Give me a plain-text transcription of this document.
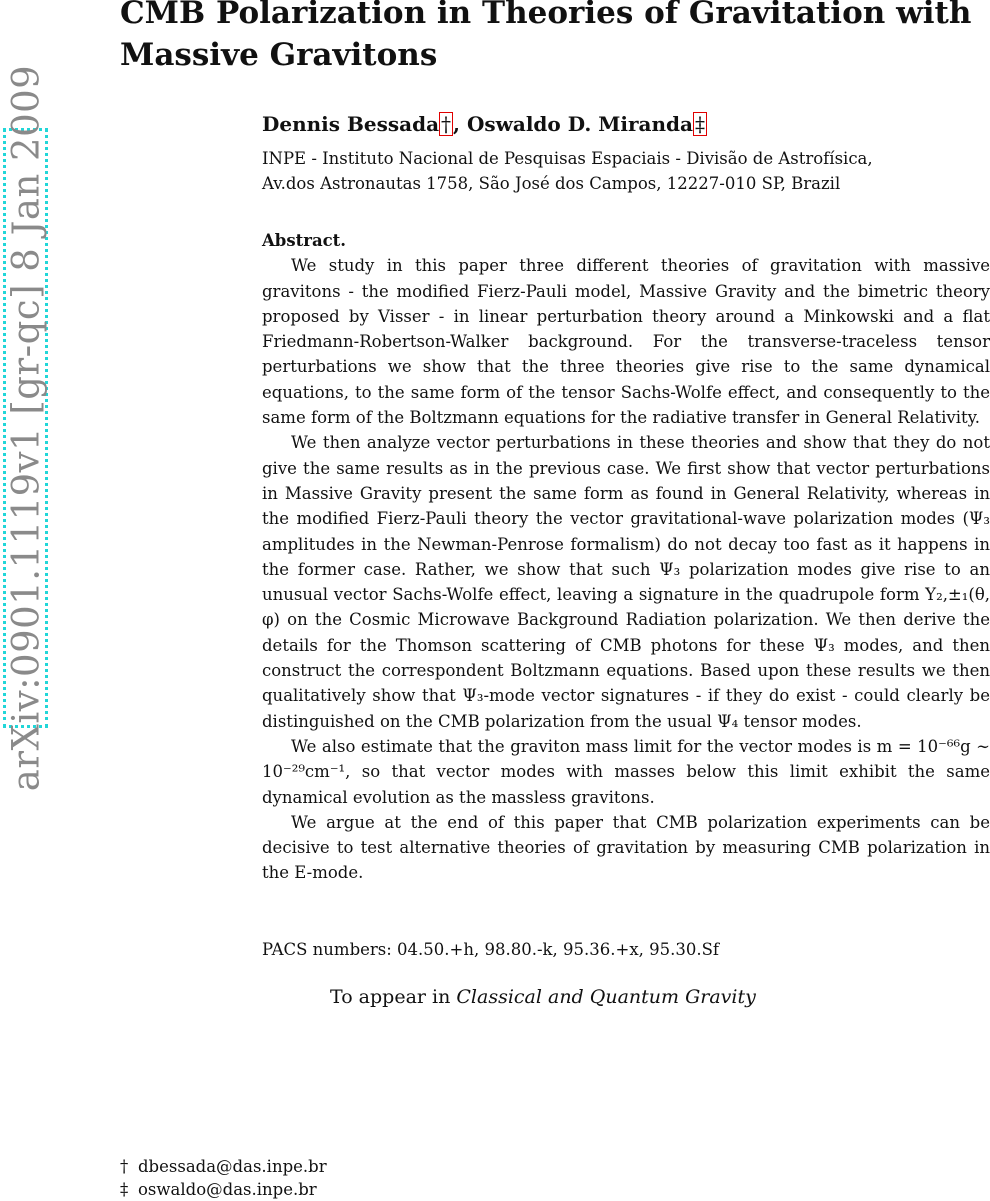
arXiv:0901.1119v1 [gr-qc] 8 Jan 2009
CMB Polarization in Theories of Gravitation with Massive Gravitons
Dennis Bessada † , Oswaldo D. Miranda ‡
INPE - Instituto Nacional de Pesquisas Espaciais - Divisão de Astrofísica,
Av.dos Astronautas 1758, São José dos Campos, 12227-010 SP, Brazil
Abstract.

We study in this paper three different theories of gravitation with massive gravitons - the modified Fierz-Pauli model, Massive Gravity and the bimetric theory proposed by Visser - in linear perturbation theory around a Minkowski and a flat Friedmann-Robertson-Walker background. For the transverse-traceless tensor perturbations we show that the three theories give rise to the same dynamical equations, to the same form of the tensor Sachs-Wolfe effect, and consequently to the same form of the Boltzmann equations for the radiative transfer in General Relativity.

We then analyze vector perturbations in these theories and show that they do not give the same results as in the previous case. We first show that vector perturbations in Massive Gravity present the same form as found in General Relativity, whereas in the modified Fierz-Pauli theory the vector gravitational-wave polarization modes (Ψ₃ amplitudes in the Newman-Penrose formalism) do not decay too fast as it happens in the former case. Rather, we show that such Ψ₃ polarization modes give rise to an unusual vector Sachs-Wolfe effect, leaving a signature in the quadrupole form Y₂,±₁(θ, φ) on the Cosmic Microwave Background Radiation polarization. We then derive the details for the Thomson scattering of CMB photons for these Ψ₃ modes, and then construct the correspondent Boltzmann equations. Based upon these results we then qualitatively show that Ψ₃-mode vector signatures - if they do exist - could clearly be distinguished on the CMB polarization from the usual Ψ₄ tensor modes.

We also estimate that the graviton mass limit for the vector modes is m = 10⁻⁶⁶g ∼ 10⁻²⁹cm⁻¹, so that vector modes with masses below this limit exhibit the same dynamical evolution as the massless gravitons.

We argue at the end of this paper that CMB polarization experiments can be decisive to test alternative theories of gravitation by measuring CMB polarization in the E-mode.

PACS numbers: 04.50.+h, 98.80.-k, 95.36.+x, 95.30.Sf
To appear in Classical and Quantum Gravity
† dbessada@das.inpe.br
‡ oswaldo@das.inpe.br
